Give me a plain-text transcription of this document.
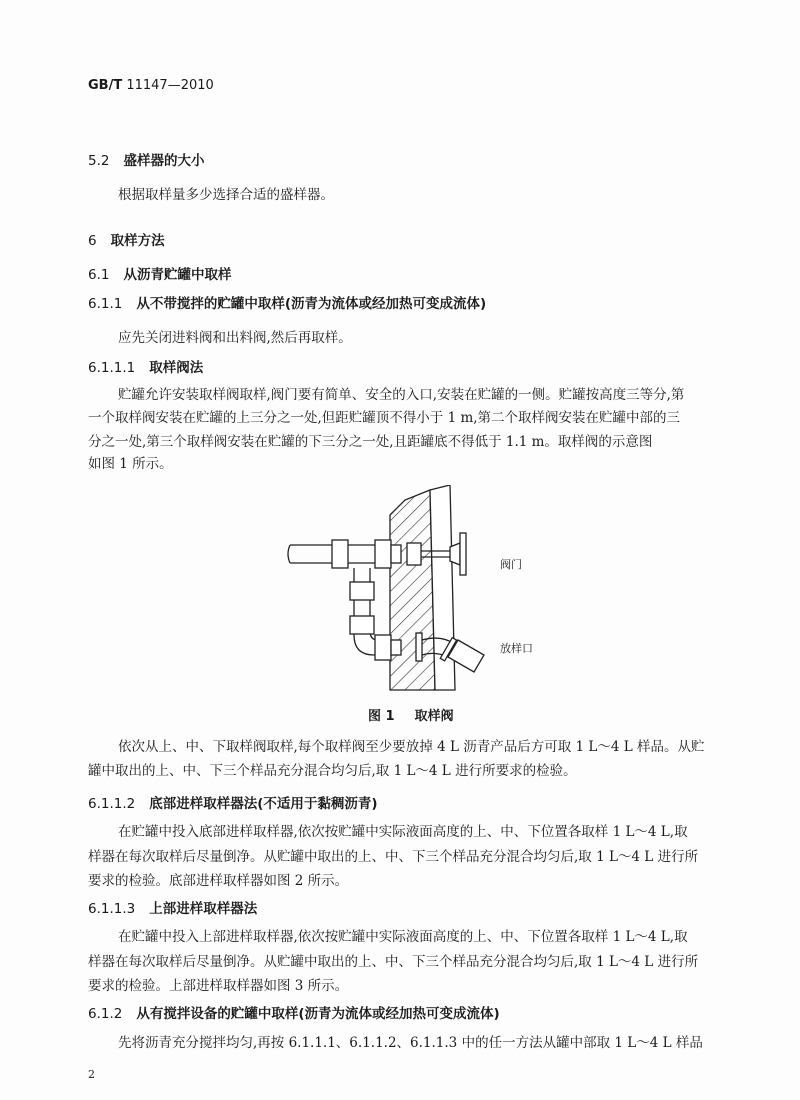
GB/T 11147—2010
5.2 盛样器的大小
根据取样量多少选择合适的盛样器。
6 取样方法
6.1 从沥青贮罐中取样
6.1.1 从不带搅拌的贮罐中取样(沥青为流体或经加热可变成流体)
应先关闭进料阀和出料阀,然后再取样。
6.1.1.1 取样阀法
贮罐允许安装取样阀取样,阀门要有简单、安全的入口,安装在贮罐的一侧。贮罐按高度三等分,第
一个取样阀安装在贮罐的上三分之一处,但距贮罐顶不得小于 1 m,第二个取样阀安装在贮罐中部的三
分之一处,第三个取样阀安装在贮罐的下三分之一处,且距罐底不得低于 1.1 m。取样阀的示意图
如图 1 所示。
阀门
放样口
图 1 取样阀
依次从上、中、下取样阀取样,每个取样阀至少要放掉 4 L 沥青产品后方可取 1 L～4 L 样品。从贮
罐中取出的上、中、下三个样品充分混合均匀后,取 1 L～4 L 进行所要求的检验。
6.1.1.2 底部进样取样器法(不适用于黏稠沥青)
在贮罐中投入底部进样取样器,依次按贮罐中实际液面高度的上、中、下位置各取样 1 L～4 L,取
样器在每次取样后尽量倒净。从贮罐中取出的上、中、下三个样品充分混合均匀后,取 1 L～4 L 进行所
要求的检验。底部进样取样器如图 2 所示。
6.1.1.3 上部进样取样器法
在贮罐中投入上部进样取样器,依次按贮罐中实际液面高度的上、中、下位置各取样 1 L～4 L,取
样器在每次取样后尽量倒净。从贮罐中取出的上、中、下三个样品充分混合均匀后,取 1 L～4 L 进行所
要求的检验。上部进样取样器如图 3 所示。
6.1.2 从有搅拌设备的贮罐中取样(沥青为流体或经加热可变成流体)
先将沥青充分搅拌均匀,再按 6.1.1.1、6.1.1.2、6.1.1.3 中的任一方法从罐中部取 1 L～4 L 样品
2
